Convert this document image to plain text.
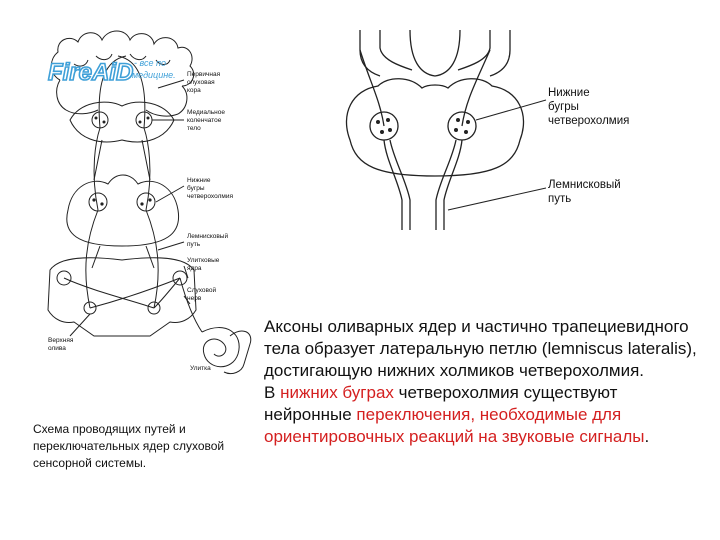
Первичная слуховая кора
Медиальное коленчатое тело
Нижние бугры четверохолмия
Лемнисковый путь
Улитковые ядра
Слуховой нерв
Верхняя олива
Улитка
FireAiD - все по
медицине.
Нижние бугры четверохолмия
Лемнисковый путь
Схема проводящих путей и переключательных ядер слуховой сенсорной системы.
Аксоны оливарных ядер и частично трапециевидного тела образует латеральную петлю (lemniscus lateralis), достигающую нижних холмиков четверохолмия.
В нижних буграх четверохолмия существуют нейронные переключения, необходимые для ориентировочных реакций на звуковые сигналы.
